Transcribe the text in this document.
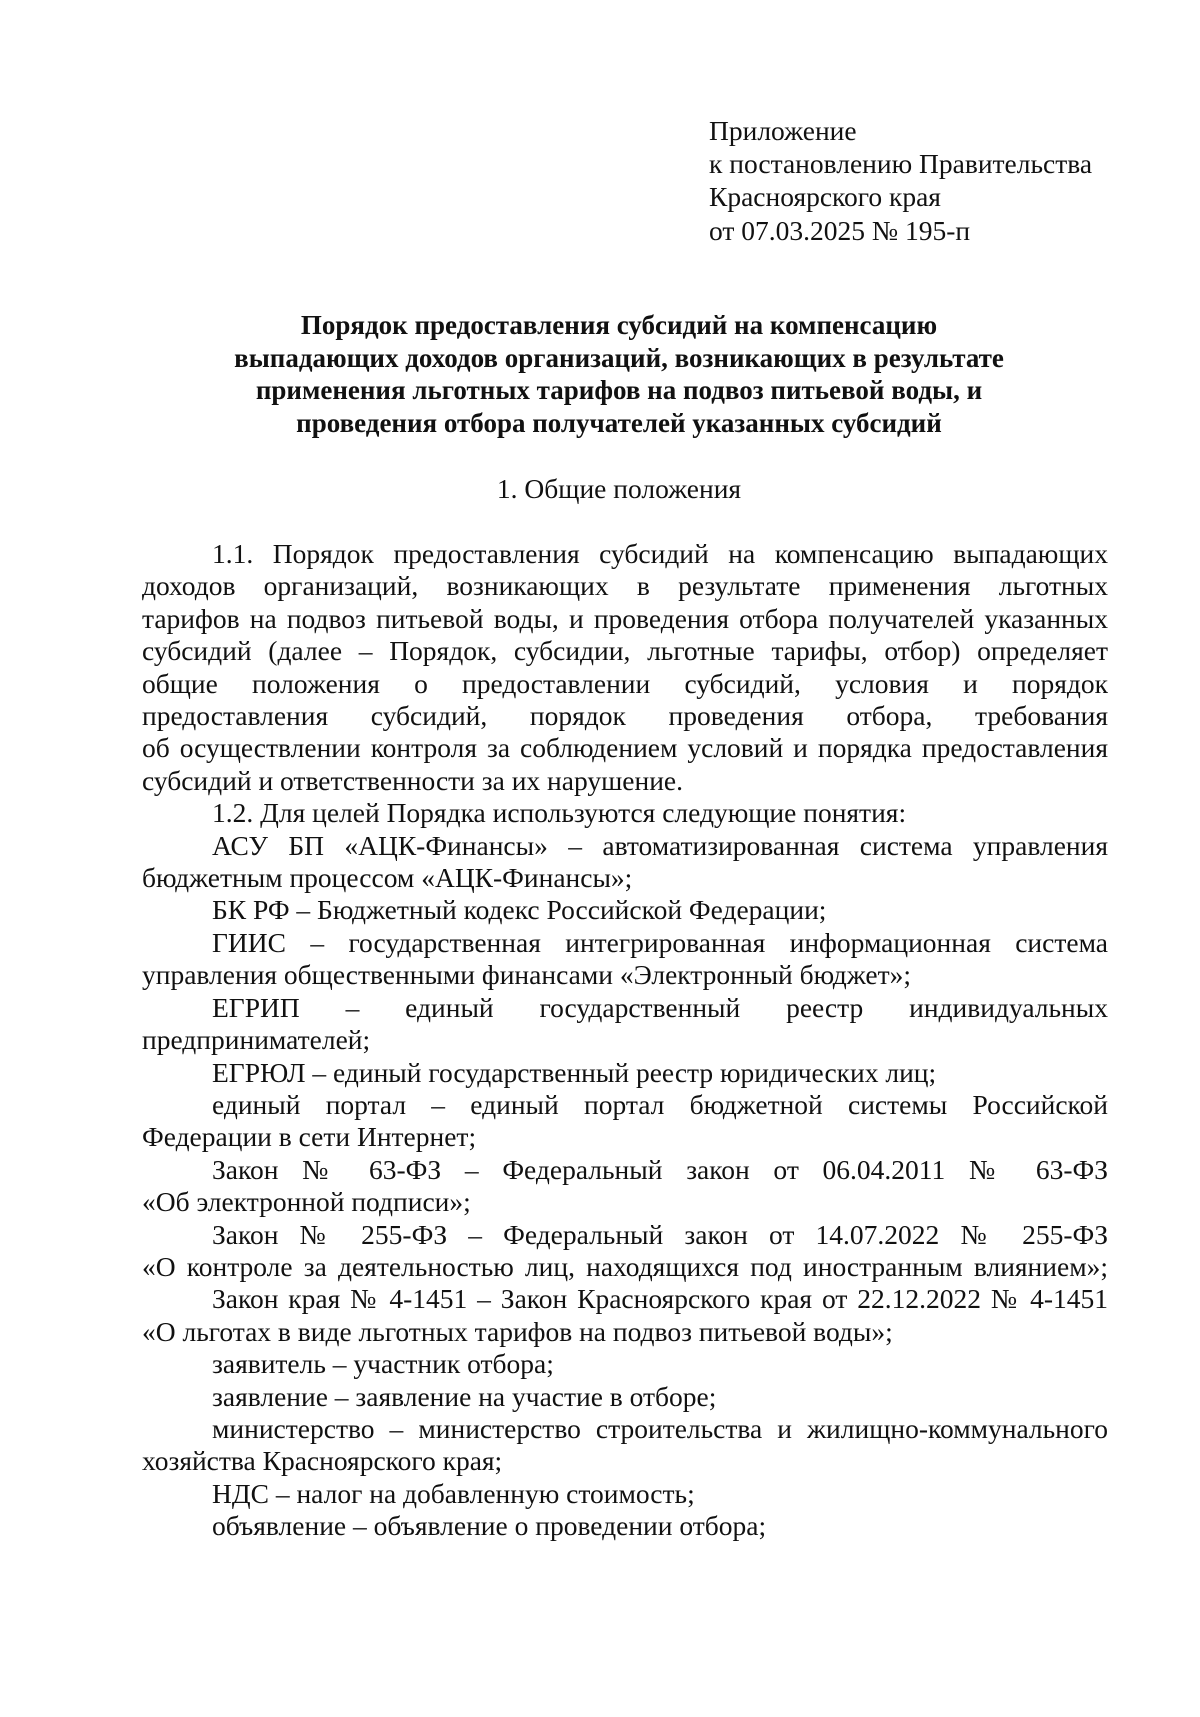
Приложение
к постановлению Правительства
Красноярского края
от 07.03.2025 № 195-п
Порядок предоставления субсидий на компенсацию
выпадающих доходов организаций, возникающих в результате
применения льготных тарифов на подвоз питьевой воды, и
проведения отбора получателей указанных субсидий
1. Общие положения

1.1. Порядок предоставления субсидий на компенсацию выпадающих

доходов организаций, возникающих в результате применения льготных

тарифов на подвоз питьевой воды, и проведения отбора получателей указанных

субсидий (далее – Порядок, субсидии, льготные тарифы, отбор) определяет

общие положения о предоставлении субсидий, условия и порядок

предоставления субсидий, порядок проведения отбора, требования

об осуществлении контроля за соблюдением условий и порядка предоставления

субсидий и ответственности за их нарушение.

1.2. Для целей Порядка используются следующие понятия:

АСУ БП «АЦК-Финансы» – автоматизированная система управления

бюджетным процессом «АЦК-Финансы»;

БК РФ – Бюджетный кодекс Российской Федерации;

ГИИС – государственная интегрированная информационная система

управления общественными финансами «Электронный бюджет»;

ЕГРИП – единый государственный реестр индивидуальных

предпринимателей;

ЕГРЮЛ – единый государственный реестр юридических лиц;

единый портал – единый портал бюджетной системы Российской

Федерации в сети Интернет;

Закон № 63-ФЗ – Федеральный закон от 06.04.2011 № 63-ФЗ

«Об электронной подписи»;

Закон № 255-ФЗ – Федеральный закон от 14.07.2022 № 255-ФЗ

«О контроле за деятельностью лиц, находящихся под иностранным влиянием»;

Закон края № 4-1451 – Закон Красноярского края от 22.12.2022 № 4-1451

«О льготах в виде льготных тарифов на подвоз питьевой воды»;

заявитель – участник отбора;

заявление – заявление на участие в отборе;

министерство – министерство строительства и жилищно-коммунального

хозяйства Красноярского края;

НДС – налог на добавленную стоимость;

объявление – объявление о проведении отбора;
